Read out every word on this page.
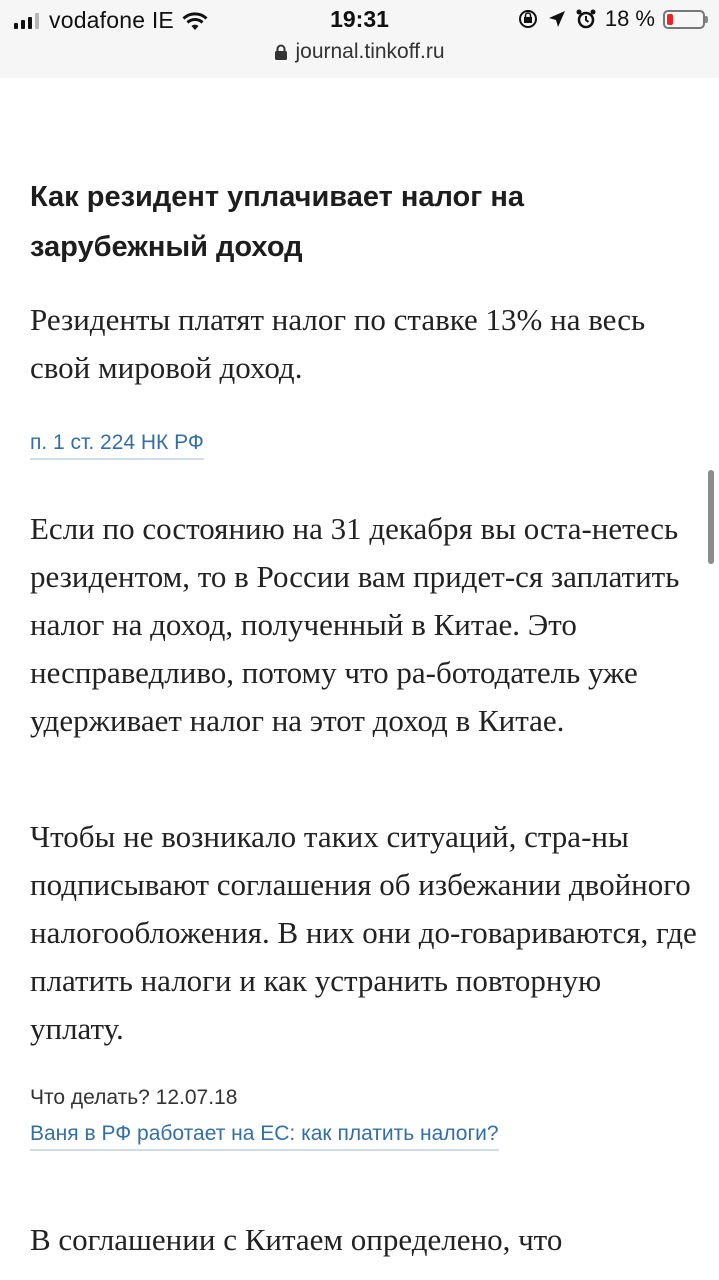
vodafone IE	19:31	18 %
journal.tinkoff.ru
Как резидент уплачивает налог на зарубежный доход
Резиденты платят налог по ставке 13% на весь свой мировой доход.
п. 1 ст. 224 НК РФ
Если по состоянию на 31 декабря вы оста-нетесь резидентом, то в России вам придет-ся заплатить налог на доход, полученный в Китае. Это несправедливо, потому что ра-ботодатель уже удерживает налог на этот доход в Китае.
Чтобы не возникало таких ситуаций, стра-ны подписывают соглашения об избежании двойного налогообложения. В них они до-говариваются, где платить налоги и как устранить повторную уплату.
Что делать? 12.07.18
Ваня в РФ работает на ЕС: как платить налоги?
В соглашении с Китаем определено, что
